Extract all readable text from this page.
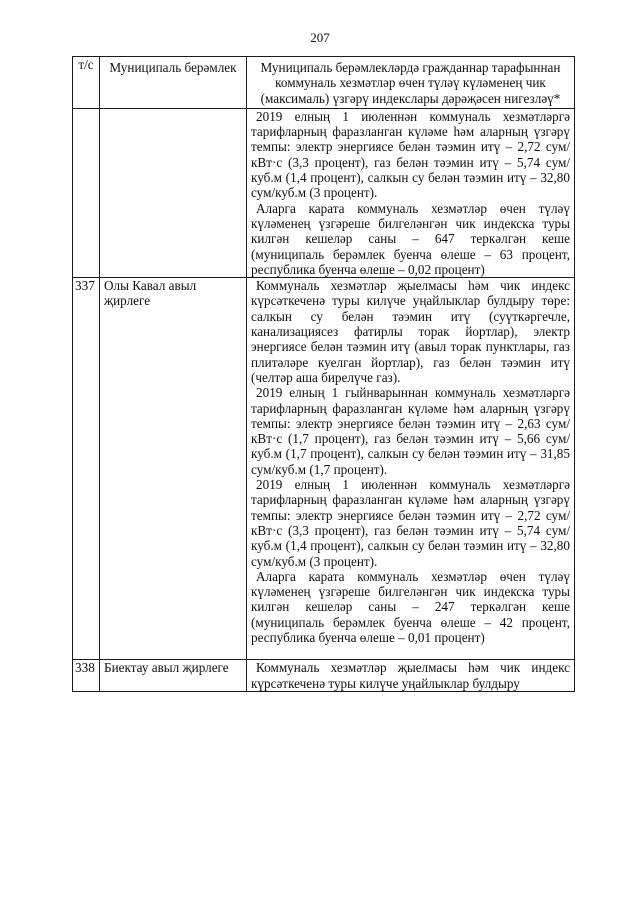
207
т/с	Муниципаль берәмлек	Муниципаль берәмлекләрдә гражданнар тарафыннан коммуналь хезмәтләр өчен түләү күләменең чик (максималь) үзгәрү индекслары дәрәҗәсен нигезләү*

		2019 елның 1 июленнән коммуналь хезмәтләргә тарифларның фаразланган күләме һәм аларның үзгәрү темпы: электр энергиясе белән тәэмин итү – 2,72 сум/кВт·с (3,3 процент), газ белән тәэмин итү – 5,74 сум/куб.м (1,4 процент), салкын су белән тәэмин итү – 32,80 сум/куб.м (3 процент).

Аларга карата коммуналь хезмәтләр өчен түләү күләменең үзгәреше билгеләнгән чик индекска туры килгән кешеләр саны – 647 теркәлгән кеше (муниципаль берәмлек буенча өлеше – 63 процент, республика буенча өлеше – 0,02 процент)

337	Олы Кавал авыл җирлеге	Коммуналь хезмәтләр җыелмасы һәм чик индекс күрсәткеченә туры килүче уңайлыклар булдыру төре: салкын су белән тәэмин итү (суүткәргечле, канализациясез фатирлы торак йортлар), электр энергиясе белән тәэмин итү (авыл торак пунктлары, газ плитәләре куелган йортлар), газ белән тәэмин итү (челтәр аша бирелүче газ).

2019 елның 1 гыйнварыннан коммуналь хезмәтләргә тарифларның фаразланган күләме һәм аларның үзгәрү темпы: электр энергиясе белән тәэмин итү – 2,63 сум/кВт·с (1,7 процент), газ белән тәэмин итү – 5,66 сум/куб.м (1,7 процент), салкын су белән тәэмин итү – 31,85 сум/куб.м (1,7 процент).

2019 елның 1 июленнән коммуналь хезмәтләргә тарифларның фаразланган күләме һәм аларның үзгәрү темпы: электр энергиясе белән тәэмин итү – 2,72 сум/кВт·с (3,3 процент), газ белән тәэмин итү – 5,74 сум/куб.м (1,4 процент), салкын су белән тәэмин итү – 32,80 сум/куб.м (3 процент).

Аларга карата коммуналь хезмәтләр өчен түләү күләменең үзгәреше билгеләнгән чик индекска туры килгән кешеләр саны – 247 теркәлгән кеше (муниципаль берәмлек буенча өлеше – 42 процент, республика буенча өлеше – 0,01 процент)

338	Биектау авыл җирлеге	Коммуналь хезмәтләр җыелмасы һәм чик индекс күрсәткеченә туры килүче уңайлыклар булдыру
